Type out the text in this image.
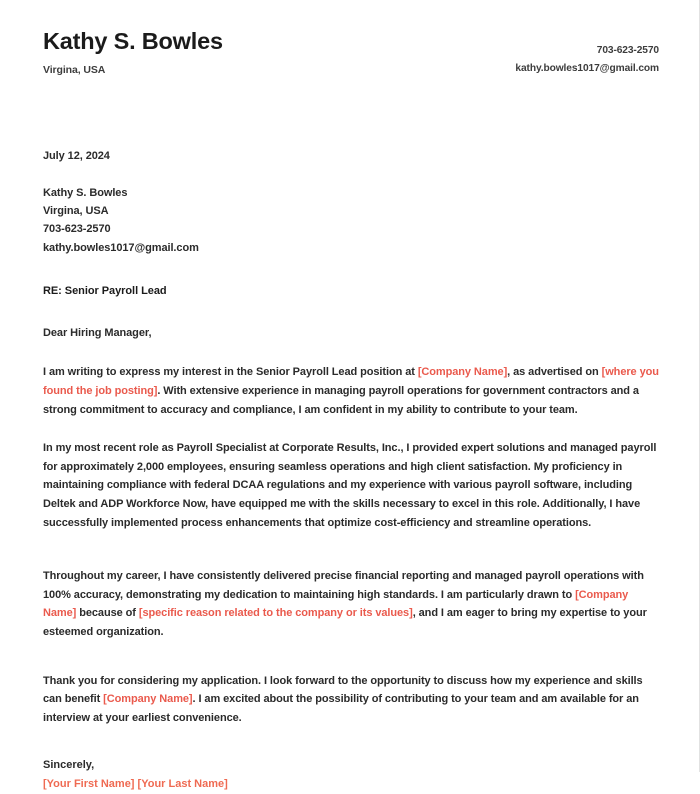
Kathy S. Bowles
Virgina, USA
703-623-2570
kathy.bowles1017@gmail.com
July 12, 2024
Kathy S. Bowles
Virgina, USA
703-623-2570
kathy.bowles1017@gmail.com
RE: Senior Payroll Lead
Dear Hiring Manager,

I am writing to express my interest in the Senior Payroll Lead position at [Company Name], as advertised on [where you found the job posting]. With extensive experience in managing payroll operations for government contractors and a strong commitment to accuracy and compliance, I am confident in my ability to contribute to your team.

In my most recent role as Payroll Specialist at Corporate Results, Inc., I provided expert solutions and managed payroll for approximately 2,000 employees, ensuring seamless operations and high client satisfaction. My proficiency in maintaining compliance with federal DCAA regulations and my experience with various payroll software, including Deltek and ADP Workforce Now, have equipped me with the skills necessary to excel in this role. Additionally, I have successfully implemented process enhancements that optimize cost-efficiency and streamline operations.

Throughout my career, I have consistently delivered precise financial reporting and managed payroll operations with 100% accuracy, demonstrating my dedication to maintaining high standards. I am particularly drawn to [Company Name] because of [specific reason related to the company or its values], and I am eager to bring my expertise to your esteemed organization.

Thank you for considering my application. I look forward to the opportunity to discuss how my experience and skills can benefit [Company Name]. I am excited about the possibility of contributing to your team and am available for an interview at your earliest convenience.

Sincerely,
[Your First Name] [Your Last Name]
